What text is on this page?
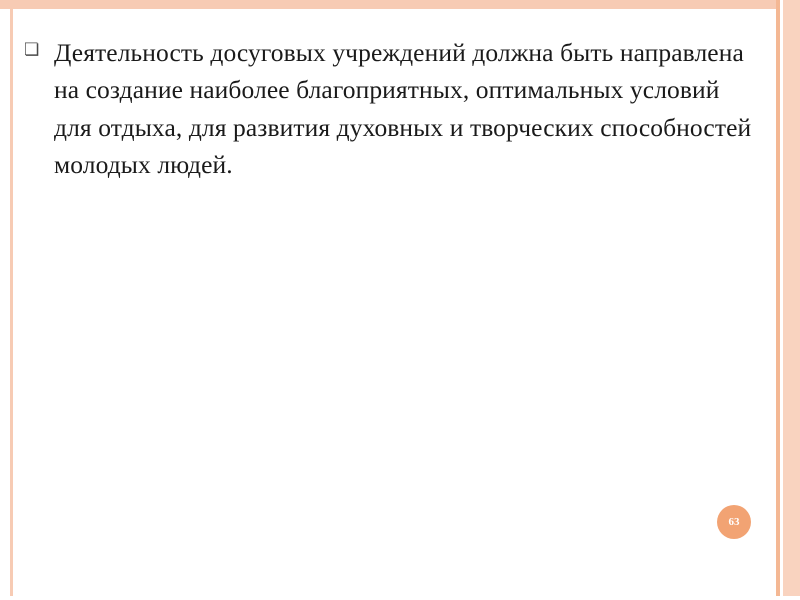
❏ Деятельность досуговых учреждений должна быть направлена на создание наиболее благоприятных, оптимальных условий для отдыха, для развития духовных и творческих способностей молодых людей.
63
